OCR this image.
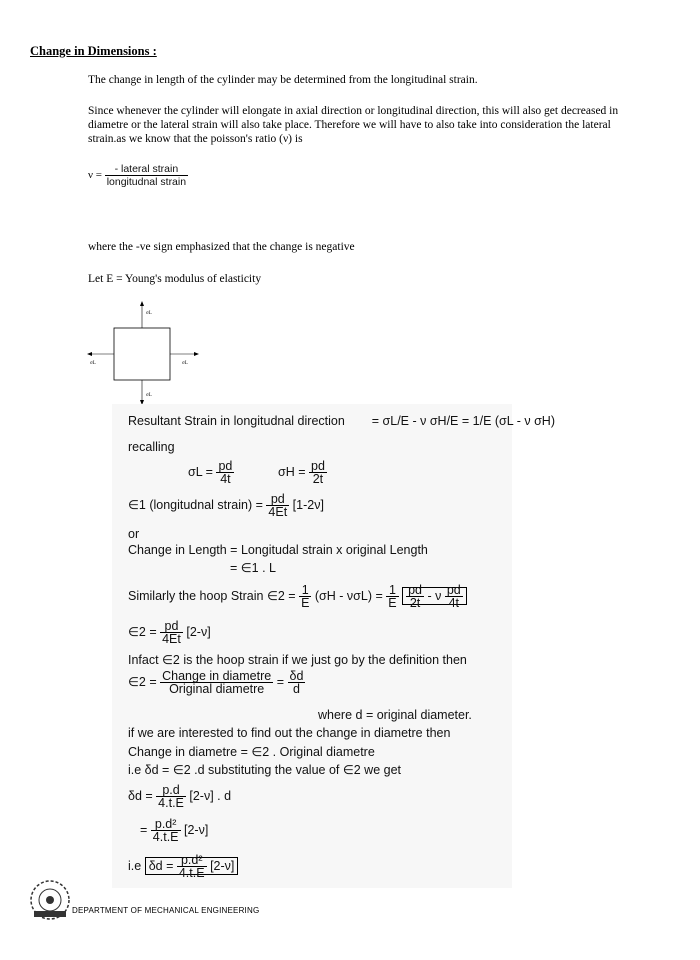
Change in Dimensions :
The change in length of the cylinder may be determined from the longitudinal strain.
Since whenever the cylinder will elongate in axial direction or longitudinal direction, this will also get decreased in diametre or the lateral strain will also take place. Therefore we will have to also take into consideration the lateral strain.as we know that the poisson's ratio (ν) is
$\nu = \frac{\text{- lateral strain}}{\text{longitudnal strain}}$
where the -ve sign emphasized that the change is negative
Let E = Young's modulus of elasticity
σL
σL
σL	σL
Resultant Strain in longitudnal direction = σL/E - ν σH/E = 1/E (σL - ν σH)
recalling
$\sigma L = \frac{pd}{4t}$	$\sigma H = \frac{pd}{2t}$
∈1 (longitudnal strain) = $\frac{pd}{4Et} [1-2\nu]$
or
Change in Length = Longitudal strain x original Length
= ∈1 . L
Similarly the hoop Strain ∈2 = $\frac{1}{E} (\sigma H - \nu\sigma L) = \frac{1}{E}$
$\frac{pd}{2t}$ - ν $\frac{pd}{4t}$
∈2 = $\frac{pd}{4Et} [2-\nu]$
Infact ∈2 is the hoop strain if we just go by the definition then
∈2 = $\frac{\text{Change in diametre}}{\text{Original diametre}} = \frac{\delta d}{d}$
where d = original diameter.
if we are interested to find out the change in diametre then
Change in diametre = ∈2 . Original diametre
i.e δd = ∈2 .d substituting the value of ∈2 we get
$\delta d = \frac{p.d}{4.t.E} [2-\nu]$ . d
= $\frac{\text{p.d²}}{4.t.E} [2-\nu]$
i.e $\delta d = \frac{\text{p.d²}}{4.t.E} [2-\nu]$
DEPARTMENT OF MECHANICAL ENGINEERING
